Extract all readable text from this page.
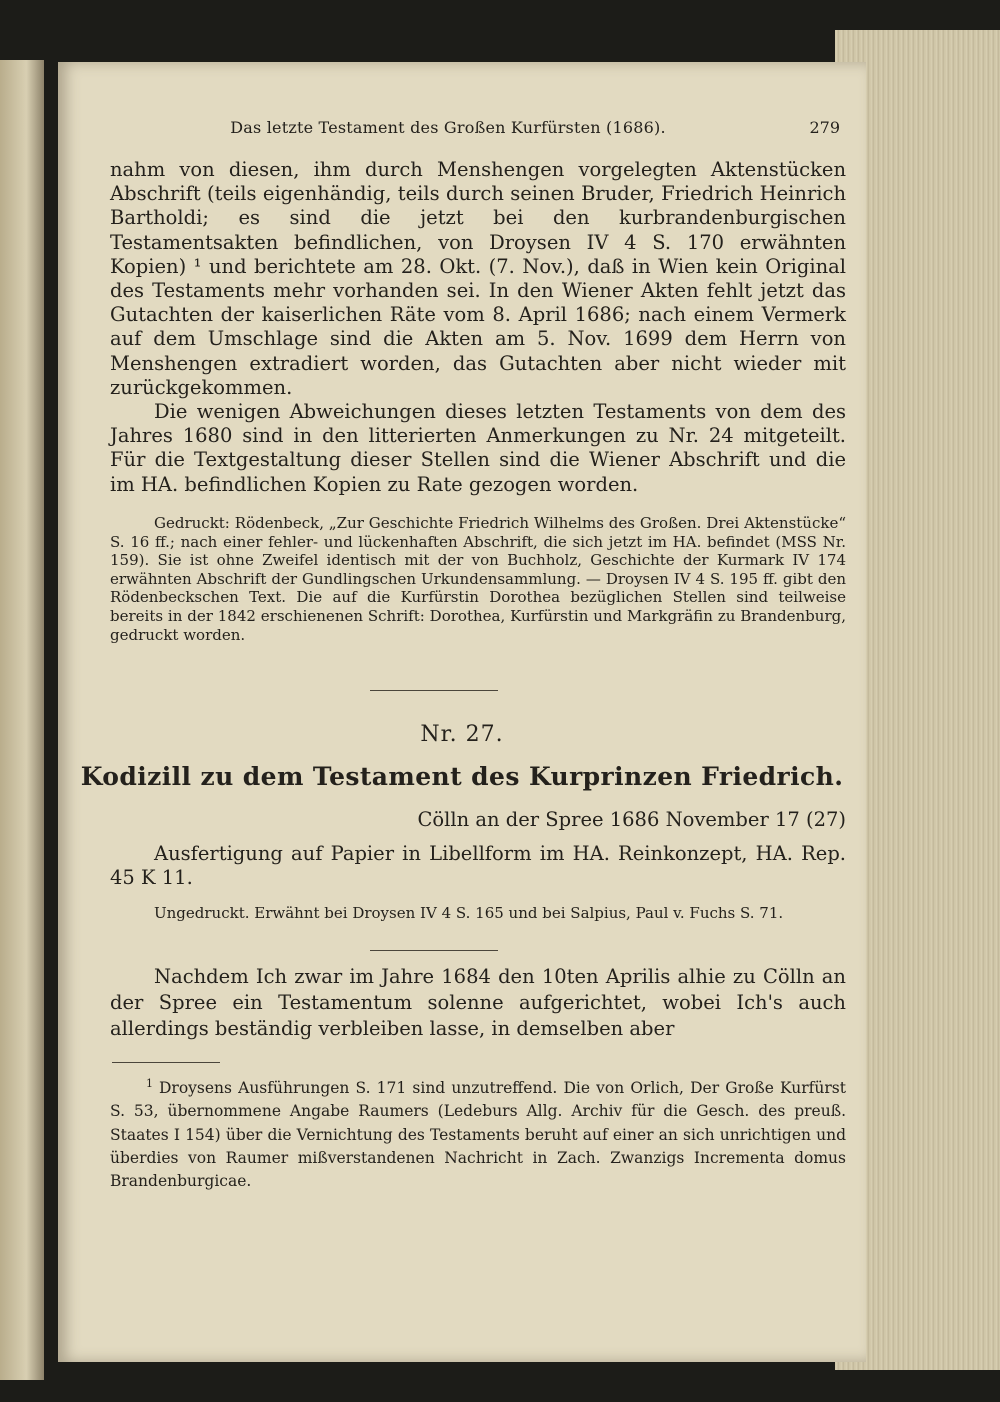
Das letzte Testament des Großen Kurfürsten (1686).	279

nahm von diesen, ihm durch Menshengen vorgelegten Aktenstücken Abschrift (teils eigenhändig, teils durch seinen Bruder, Friedrich Heinrich Bartholdi; es sind die jetzt bei den kurbrandenburgischen Testamentsakten befindlichen, von Droysen IV 4 S. 170 erwähnten Kopien) ¹ und berichtete am 28. Okt. (7. Nov.), daß in Wien kein Original des Testaments mehr vorhanden sei. In den Wiener Akten fehlt jetzt das Gutachten der kaiserlichen Räte vom 8. April 1686; nach einem Vermerk auf dem Umschlage sind die Akten am 5. Nov. 1699 dem Herrn von Menshengen extradiert worden, das Gutachten aber nicht wieder mit zurückgekommen.

Die wenigen Abweichungen dieses letzten Testaments von dem des Jahres 1680 sind in den litterierten Anmerkungen zu Nr. 24 mitgeteilt. Für die Textgestaltung dieser Stellen sind die Wiener Abschrift und die im HA. befindlichen Kopien zu Rate gezogen worden.

Gedruckt: Rödenbeck, „Zur Geschichte Friedrich Wilhelms des Großen. Drei Aktenstücke“ S. 16 ff.; nach einer fehler- und lückenhaften Abschrift, die sich jetzt im HA. befindet (MSS Nr. 159). Sie ist ohne Zweifel identisch mit der von Buchholz, Geschichte der Kurmark IV 174 erwähnten Abschrift der Gundlingschen Urkundensammlung. — Droysen IV 4 S. 195 ff. gibt den Rödenbeckschen Text. Die auf die Kurfürstin Dorothea bezüglichen Stellen sind teilweise bereits in der 1842 erschienenen Schrift: Dorothea, Kurfürstin und Markgräfin zu Brandenburg, gedruckt worden.

Nr. 27.
Kodizill zu dem Testament des Kurprinzen Friedrich.
Cölln an der Spree 1686 November 17 (27)

Ausfertigung auf Papier in Libellform im HA. Reinkonzept, HA. Rep. 45 K 11.

Ungedruckt. Erwähnt bei Droysen IV 4 S. 165 und bei Salpius, Paul v. Fuchs S. 71.

Nachdem Ich zwar im Jahre 1684 den 10ten Aprilis alhie zu Cölln an der Spree ein Testamentum solenne aufgerichtet, wobei Ich's auch allerdings beständig verbleiben lasse, in demselben aber

$^1$ Droysens Ausführungen S. 171 sind unzutreffend. Die von Orlich, Der Große Kurfürst S. 53, übernommene Angabe Raumers (Ledeburs Allg. Archiv für die Gesch. des preuß. Staates I 154) über die Vernichtung des Testaments beruht auf einer an sich unrichtigen und überdies von Raumer mißverstandenen Nachricht in Zach. Zwanzigs Incrementa domus Brandenburgicae.
